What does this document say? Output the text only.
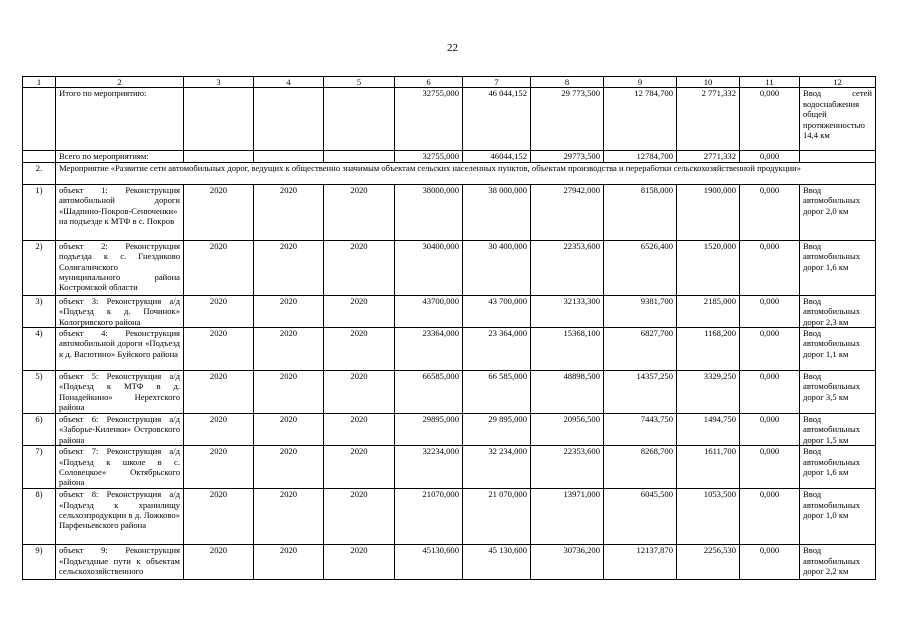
22
1	2	3	4	5	6	7	8	9	10	11	12
	Итого по мероприятию:				32755,000	46 044,152	29 773,500	12 784,700	2 771,332	0,000	Ввод сетей водоснабжения общей протяженностью 14,4 км
	Всего по мероприятиям:				32755,000	46044,152	29773,500	12784,700	2771,332	0,000	
2.	Мероприятие «Развитие сети автомобильных дорог, ведущих к общественно значимым объектам сельских населенных пунктов, объектам производства и переработки сельскохозяйственной продукции»										
1)	объект 1: Реконструкция автомобильной дороги «Шадпино-Покров-Сенюченки» на подъезде к МТФ в с. Покров	2020	2020	2020	38000,000	38 000,000	27942,000	8158,000	1900,000	0,000	Ввод автомобильных дорог 2,0 км
2)	объект 2: Реконструкция подъезда к с. Гнездиково Солигаличского муниципального района Костромской области	2020	2020	2020	30400,000	30 400,000	22353,600	6526,400	1520,000	0,000	Ввод автомобильных дорог 1,6 км
3)	объект 3: Реконструкция а/д «Подъезд к д. Починок» Кологривского района	2020	2020	2020	43700,000	43 700,000	32133,300	9381,700	2185,000	0,000	Ввод автомобильных дорог 2,3 км
4)	объект 4: Реконструкция автомобильной дороги «Подъезд к д. Васютино» Буйского района	2020	2020	2020	23364,000	23 364,000	15368,100	6827,700	1168,200	0,000	Ввод автомобильных дорог 1,1 км
5)	объект 5: Реконструкция а/д «Подъезд к МТФ в д. Понадейкино» Нерехтского района	2020	2020	2020	66585,000	66 585,000	48898,500	14357,250	3329,250	0,000	Ввод автомобильных дорог 3,5 км
6)	объект 6: Реконструкция а/д «Заборье-Киленки» Островского района	2020	2020	2020	29895,000	29 895,000	20956,500	7443,750	1494,750	0,000	Ввод автомобильных дорог 1,5 км
7)	объект 7: Реконструкция а/д «Подъезд к школе в с. Соловецкое» Октябрьского района	2020	2020	2020	32234,000	32 234,000	22353,600	8268,700	1611,700	0,000	Ввод автомобильных дорог 1,6 км
8)	объект 8: Реконструкция а/д «Подъезд к хранилищу сельхозпродукции в д. Ложково» Парфеньевского района	2020	2020	2020	21070,000	21 070,000	13971,000	6045,500	1053,500	0,000	Ввод автомобильных дорог 1,0 км
9)	объект 9: Реконструкция «Подъездные пути к объектам сельскохозяйственного	2020	2020	2020	45130,600	45 130,600	30736,200	12137,870	2256,530	0,000	Ввод автомобильных дорог 2,2 км
